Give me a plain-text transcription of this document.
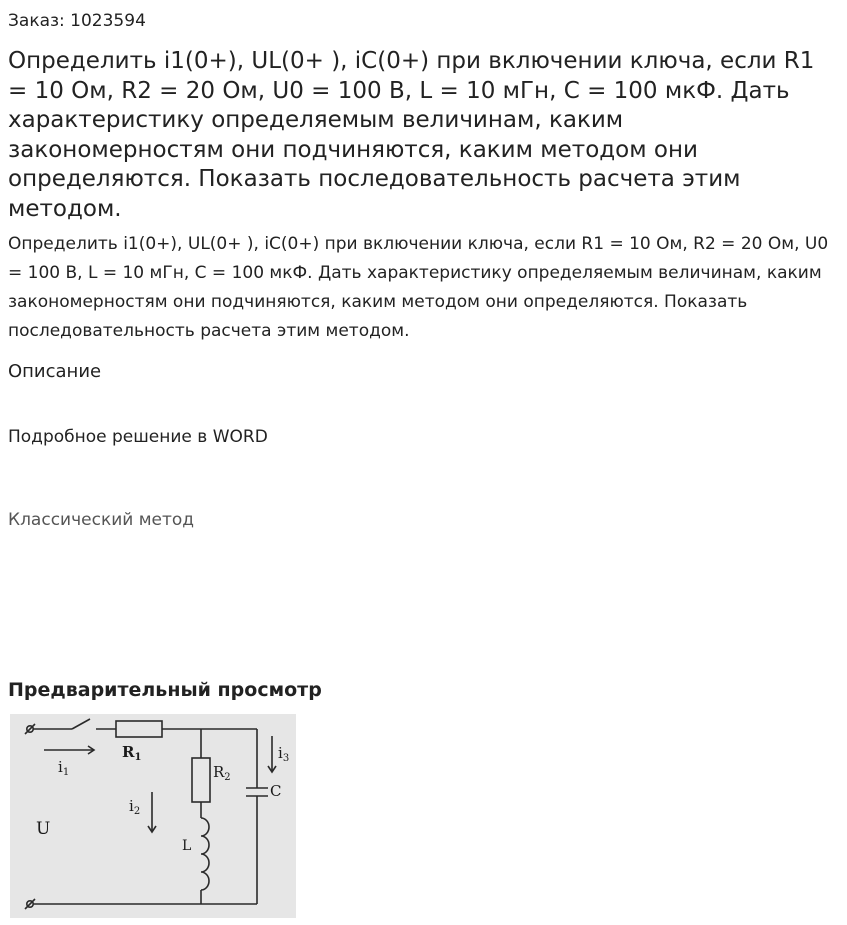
Заказ: 1023594
Определить i1(0+), UL(0+ ), iC(0+) при включении ключа, если R1 = 10 Ом, R2 = 20 Ом, U0 = 100 В, L = 10 мГн, C = 100 мкФ. Дать характеристику определяемым величинам, каким закономерностям они подчиняются, каким методом они определяются. Показать последовательность расчета этим методом.

Определить i1(0+), UL(0+ ), iC(0+) при включении ключа, если R1 = 10 Ом, R2 = 20 Ом, U0 = 100 В, L = 10 мГн, C = 100 мкФ. Дать характеристику определяемым величинам, каким закономерностям они подчиняются, каким методом они определяются. Показать последовательность расчета этим методом.

Описание
Подробное решение в WORD
Классический метод
Предварительный просмотр
$i_1$
$R_1$
$R_2$
$i_2$
$i_3$
C
L
U
